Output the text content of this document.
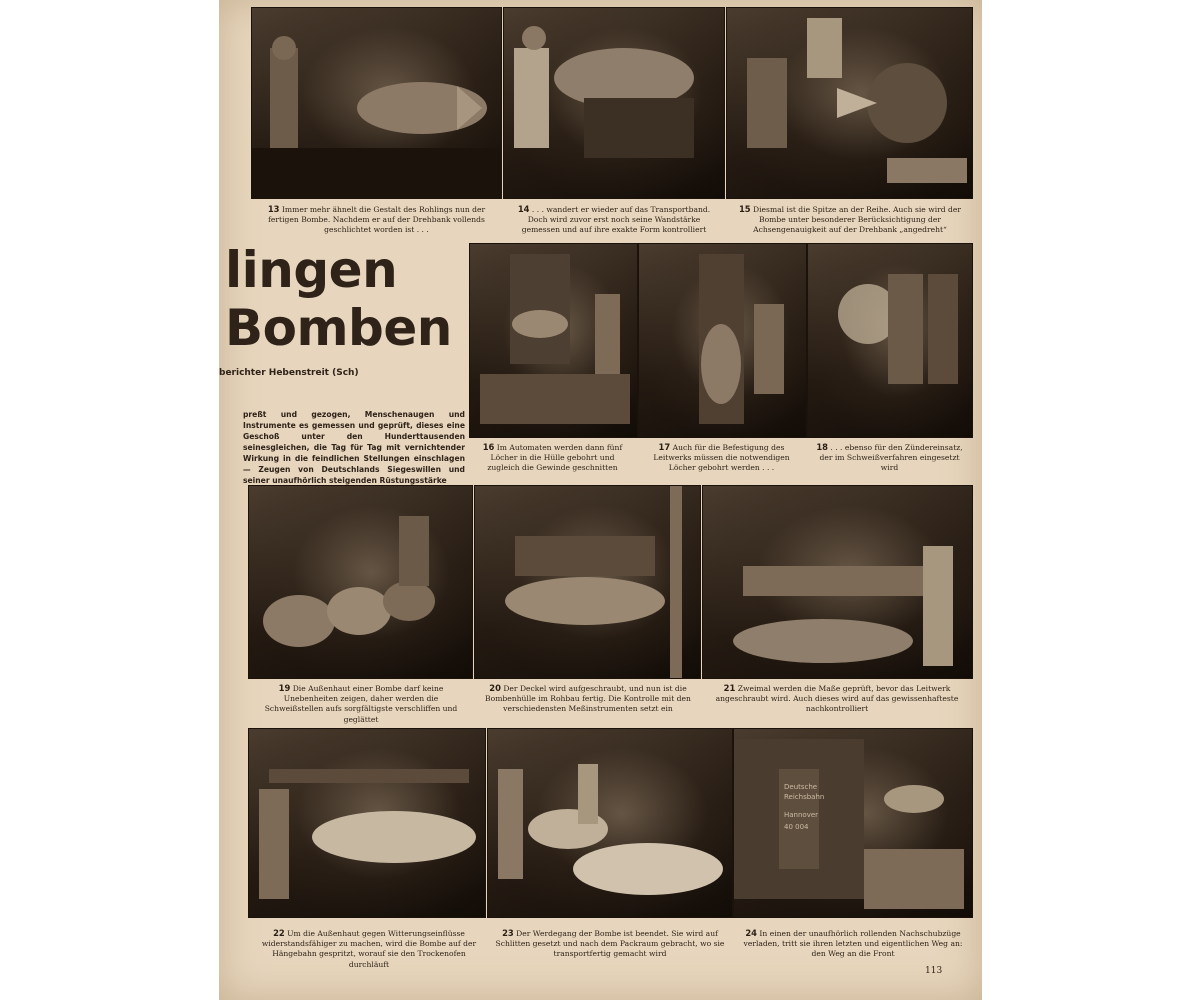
13 Immer mehr ähnelt die Gestalt des Rohlings nun der fertigen Bombe. Nachdem er auf der Drehbank vollends geschlichtet worden ist . . .
14 . . . wandert er wieder auf das Transportband. Doch wird zuvor erst noch seine Wandstärke gemessen und auf ihre exakte Form kontrolliert
15 Diesmal ist die Spitze an der Reihe. Auch sie wird der Bombe unter besonderer Berücksichtigung der Achsengenauigkeit auf der Drehbank „angedreht“
lingen
Bomben
berichter Hebenstreit (Sch)
preßt und gezogen, Menschenaugen und Instrumente es gemessen und geprüft, dieses eine Geschoß unter den Hunderttausenden seinesgleichen, die Tag für Tag mit vernichtender Wirkung in die feindlichen Stellungen einschlagen — Zeugen von Deutschlands Siegeswillen und seiner unaufhörlich steigenden Rüstungsstärke
16 Im Automaten werden dann fünf Löcher in die Hülle gebohrt und zugleich die Gewinde geschnitten
17 Auch für die Befestigung des Leitwerks müssen die notwendigen Löcher gebohrt werden . . .
18 . . . ebenso für den Zündereinsatz, der im Schweißverfahren eingesetzt wird
19 Die Außenhaut einer Bombe darf keine Unebenheiten zeigen, daher werden die Schweißstellen aufs sorgfältigste verschliffen und geglättet
20 Der Deckel wird aufgeschraubt, und nun ist die Bombenhülle im Rohbau fertig. Die Kontrolle mit den verschiedensten Meßinstrumenten setzt ein
21 Zweimal werden die Maße geprüft, bevor das Leitwerk angeschraubt wird. Auch dieses wird auf das gewissenhafteste nachkontrolliert
Deutsche
Reichsbahn
Hannover
40 004
22 Um die Außenhaut gegen Witterungseinflüsse widerstandsfähiger zu machen, wird die Bombe auf der Hängebahn gespritzt, worauf sie den Trockenofen durchläuft
23 Der Werdegang der Bombe ist beendet. Sie wird auf Schlitten gesetzt und nach dem Packraum gebracht, wo sie transportfertig gemacht wird
24 In einen der unaufhörlich rollenden Nachschubzüge verladen, tritt sie ihren letzten und eigentlichen Weg an: den Weg an die Front
113
